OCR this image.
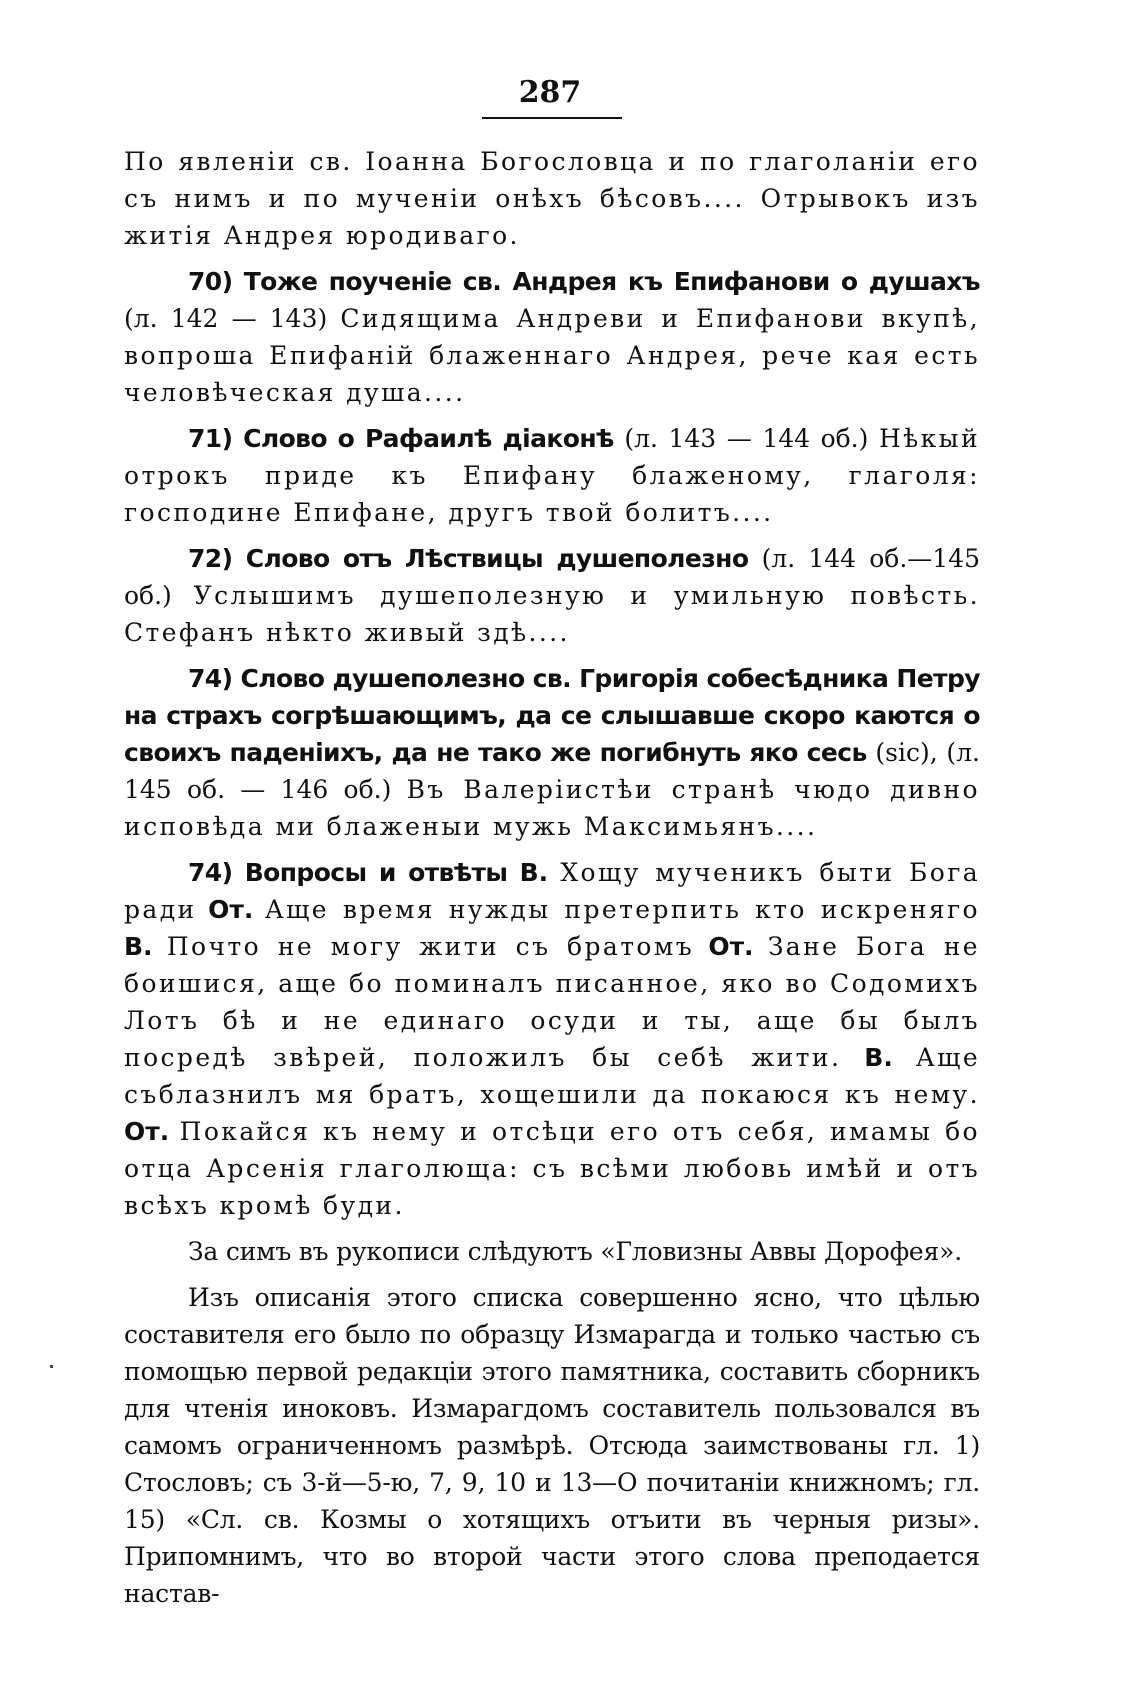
287

По явленіи св. Іоанна Богословца и по глаголаніи его съ нимъ и по мученіи онѣхъ бѣсовъ.... Отрывокъ изъ житія Андрея юродиваго.

70) Тоже поученіе св. Андрея къ Епифанови о душахъ (л. 142 — 143) Сидящима Андреви и Епифанови вкупѣ, вопроша Епифаній блаженнаго Андрея, рече кая есть человѣческая душа....

71) Слово о Рафаилѣ діаконѣ (л. 143 — 144 об.) Нѣкый отрокъ приде къ Епифану блаженому, глаголя: господине Епифане, другъ твой болитъ....

72) Слово отъ Лѣствицы душеполезно (л. 144 об.—145 об.) Услышимъ душеполезную и умильную повѣсть. Стефанъ нѣкто живый здѣ....

74) Слово душеполезно св. Григорія собесѣдника Петру на страхъ согрѣшающимъ, да се слышавше скоро каются о своихъ паденіихъ, да не тако же погибнуть яко сесь (sic), (л. 145 об. — 146 об.) Въ Валеріистѣи странѣ чюдо дивно исповѣда ми блаженыи мужь Максимьянъ....

74) Вопросы и отвѣты В. Хощу мученикъ быти Бога ради От. Аще время нужды претерпить кто искреняго В. Почто не могу жити съ братомъ От. Зане Бога не боишися, аще бо поминалъ писанное, яко во Содомихъ Лотъ бѣ и не единаго осуди и ты, аще бы былъ посредѣ звѣрей, положилъ бы себѣ жити. В. Аще съблазнилъ мя братъ, хощешили да покаюся къ нему. От. Покайся къ нему и отсѣци его отъ себя, имамы бо отца Арсенія глаголюща: съ всѣми любовь имѣй и отъ всѣхъ кромѣ буди.

За симъ въ рукописи слѣдуютъ «Гловизны Аввы Дорофея».

Изъ описанія этого списка совершенно ясно, что цѣлью составителя его было по образцу Измарагда и только частью съ помощью первой редакціи этого памятника, составить сборникъ для чтенія иноковъ. Измарагдомъ составитель пользовался въ самомъ ограниченномъ размѣрѣ. Отсюда заимствованы гл. 1) Стословъ; съ 3-й—5-ю, 7, 9, 10 и 13—О почитаніи книжномъ; гл. 15) «Сл. св. Козмы о хотящихъ отъити въ черныя ризы». Припомнимъ, что во второй части этого слова преподается настав-
